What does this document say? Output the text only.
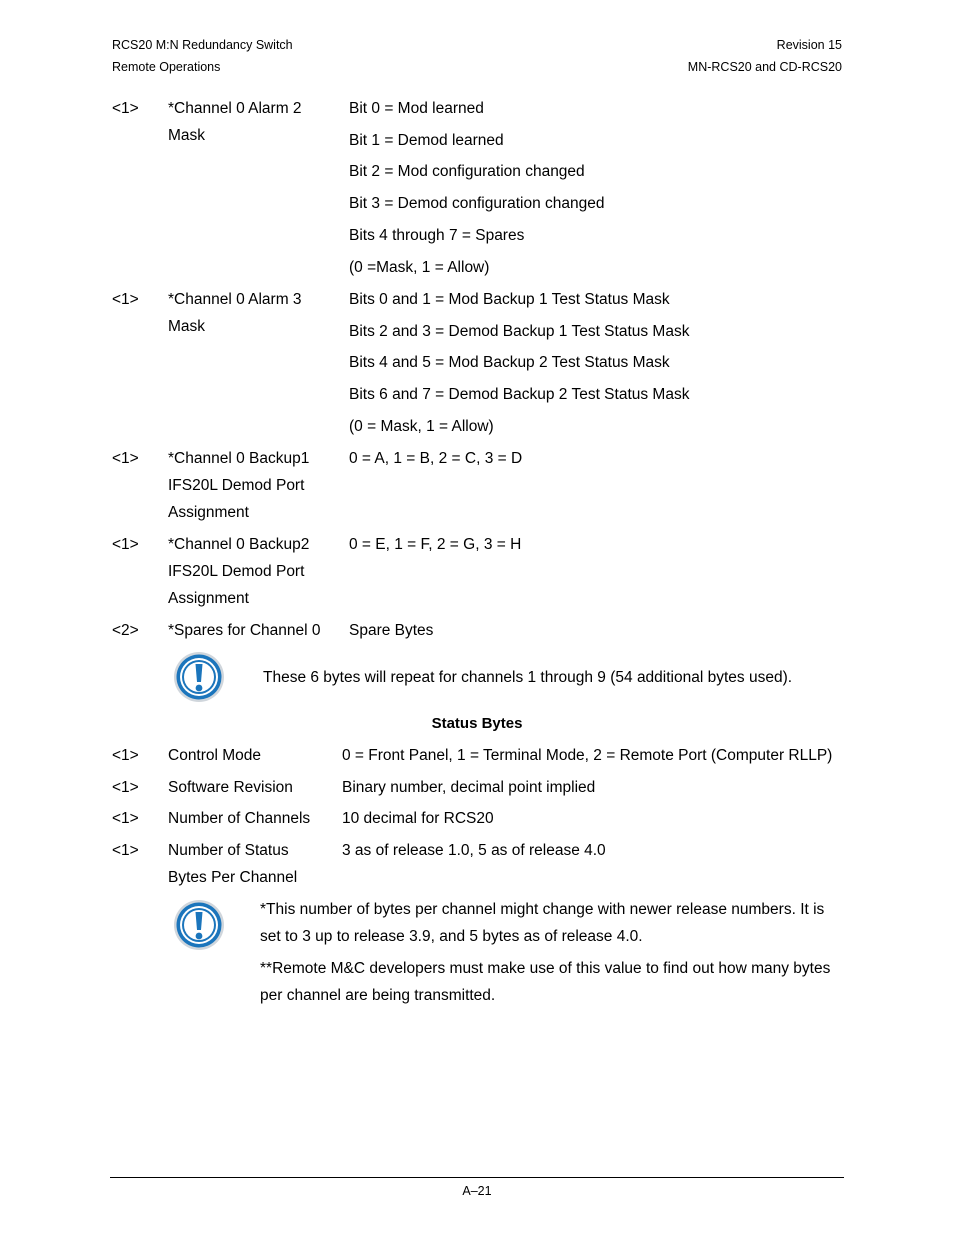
RCS20 M:N Redundancy Switch
Remote Operations
Revision 15
MN-RCS20 and CD-RCS20
<1> *Channel 0 Alarm 2
Mask
Bit 0 = Mod learned
Bit 1 = Demod learned
Bit 2 = Mod configuration changed
Bit 3 = Demod configuration changed
Bits 4 through 7 = Spares
(0 =Mask, 1 = Allow)
<1> *Channel 0 Alarm 3
Mask
Bits 0 and 1 = Mod Backup 1 Test Status Mask
Bits 2 and 3 = Demod Backup 1 Test Status Mask
Bits 4 and 5 = Mod Backup 2 Test Status Mask
Bits 6 and 7 = Demod Backup 2 Test Status Mask
(0 = Mask, 1 = Allow)
<1> *Channel 0 Backup1
IFS20L Demod Port
Assignment
0 = A, 1 = B, 2 = C, 3 = D
<1> *Channel 0 Backup2
IFS20L Demod Port
Assignment
0 = E, 1 = F, 2 = G, 3 = H
<2> *Spares for Channel 0 Spare Bytes
These 6 bytes will repeat for channels 1 through 9 (54 additional bytes used).
Status Bytes
<1> Control Mode	0 = Front Panel, 1 = Terminal Mode, 2 = Remote Port (Computer RLLP)
<1> Software Revision	Binary number, decimal point implied
<1> Number of Channels 10 decimal for RCS20
<1> Number of Status
Bytes Per Channel
3 as of release 1.0, 5 as of release 4.0
*This number of bytes per channel might change with newer release numbers. It is
set to 3 up to release 3.9, and 5 bytes as of release 4.0.
**Remote M&C developers must make use of this value to find out how many bytes
per channel are being transmitted.
A–21
